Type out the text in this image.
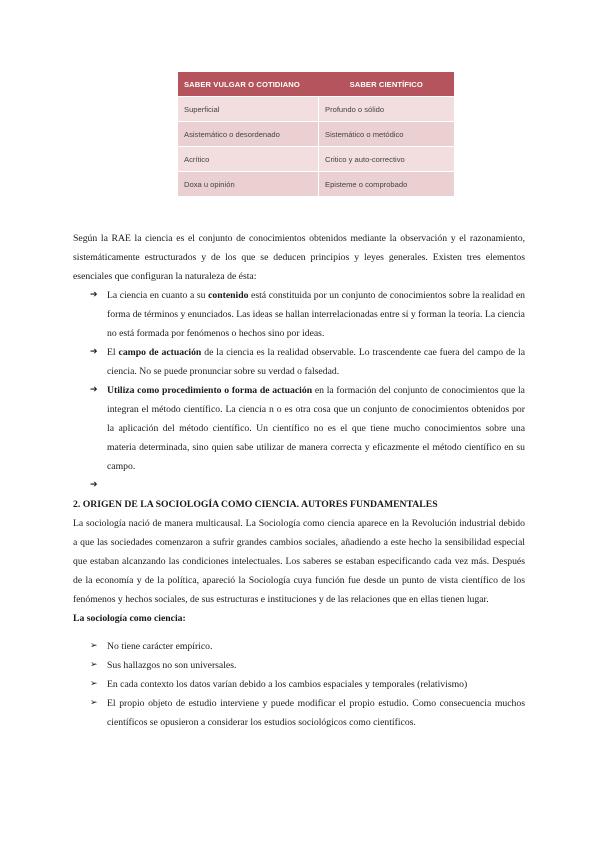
SABER VULGAR O COTIDIANO	SABER CIENTÍFICO
Superficial	Profundo o sólido
Asistemático o desordenado	Sistemático o metódico
Acrítico	Critico y auto-correctivo
Doxa u opinión	Episteme o comprobado

Según la RAE la ciencia es el conjunto de conocimientos obtenidos mediante la observación y el razonamiento, sistemáticamente estructurados y de los que se deducen principios y leyes generales. Existen tres elementos esenciales que configuran la naturaleza de ésta:

➔ La ciencia en cuanto a su contenido está constituida por un conjunto de conocimientos sobre la realidad en forma de términos y enunciados. Las ideas se hallan interrelacionadas entre sí y forman la teoría. La ciencia no está formada por fenómenos o hechos sino por ideas.
➔ El campo de actuación de la ciencia es la realidad observable. Lo trascendente cae fuera del campo de la ciencia. No se puede pronunciar sobre su verdad o falsedad.
➔ Utiliza como procedimiento o forma de actuación en la formación del conjunto de conocimientos que la integran el método científico. La ciencia n o es otra cosa que un conjunto de conocimientos obtenidos por la aplicación del método científico. Un científico no es el que tiene mucho conocimientos sobre una materia determinada, sino quien sabe utilizar de manera correcta y eficazmente el método científico en su campo.
➔

2. ORIGEN DE LA SOCIOLOGÍA COMO CIENCIA. AUTORES FUNDAMENTALES

La sociología nació de manera multicausal. La Sociología como ciencia aparece en la Revolución industrial debido a que las sociedades comenzaron a sufrir grandes cambios sociales, añadiendo a este hecho la sensibilidad especial que estaban alcanzando las condiciones intelectuales. Los saberes se estaban especificando cada vez más. Después de la economía y de la política, apareció la Sociología cuya función fue desde un punto de vista científico de los fenómenos y hechos sociales, de sus estructuras e instituciones y de las relaciones que en ellas tienen lugar.

La sociología como ciencia:

➢ No tiene carácter empírico.
➢ Sus hallazgos no son universales.
➢ En cada contexto los datos varían debido a los cambios espaciales y temporales (relativismo)
➢ El propio objeto de estudio interviene y puede modificar el propio estudio. Como consecuencia muchos científicos se opusieron a considerar los estudios sociológicos como científicos.
